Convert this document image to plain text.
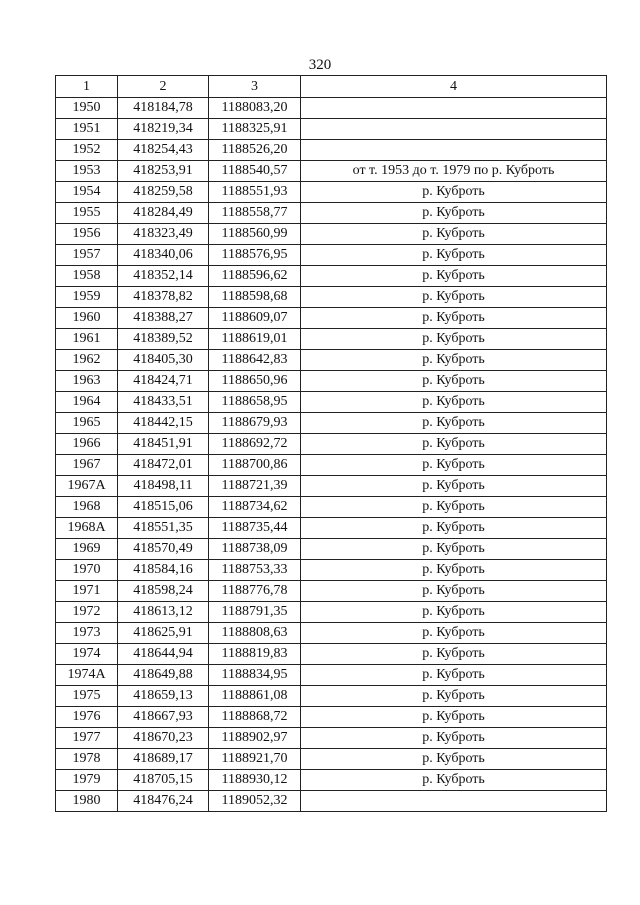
320
1	2	3	4
1950	418184,78	1188083,20	
1951	418219,34	1188325,91	
1952	418254,43	1188526,20	
1953	418253,91	1188540,57	от т. 1953 до т. 1979 по р. Куброть
1954	418259,58	1188551,93	р. Куброть
1955	418284,49	1188558,77	р. Куброть
1956	418323,49	1188560,99	р. Куброть
1957	418340,06	1188576,95	р. Куброть
1958	418352,14	1188596,62	р. Куброть
1959	418378,82	1188598,68	р. Куброть
1960	418388,27	1188609,07	р. Куброть
1961	418389,52	1188619,01	р. Куброть
1962	418405,30	1188642,83	р. Куброть
1963	418424,71	1188650,96	р. Куброть
1964	418433,51	1188658,95	р. Куброть
1965	418442,15	1188679,93	р. Куброть
1966	418451,91	1188692,72	р. Куброть
1967	418472,01	1188700,86	р. Куброть
1967А	418498,11	1188721,39	р. Куброть
1968	418515,06	1188734,62	р. Куброть
1968А	418551,35	1188735,44	р. Куброть
1969	418570,49	1188738,09	р. Куброть
1970	418584,16	1188753,33	р. Куброть
1971	418598,24	1188776,78	р. Куброть
1972	418613,12	1188791,35	р. Куброть
1973	418625,91	1188808,63	р. Куброть
1974	418644,94	1188819,83	р. Куброть
1974А	418649,88	1188834,95	р. Куброть
1975	418659,13	1188861,08	р. Куброть
1976	418667,93	1188868,72	р. Куброть
1977	418670,23	1188902,97	р. Куброть
1978	418689,17	1188921,70	р. Куброть
1979	418705,15	1188930,12	р. Куброть
1980	418476,24	1189052,32	
